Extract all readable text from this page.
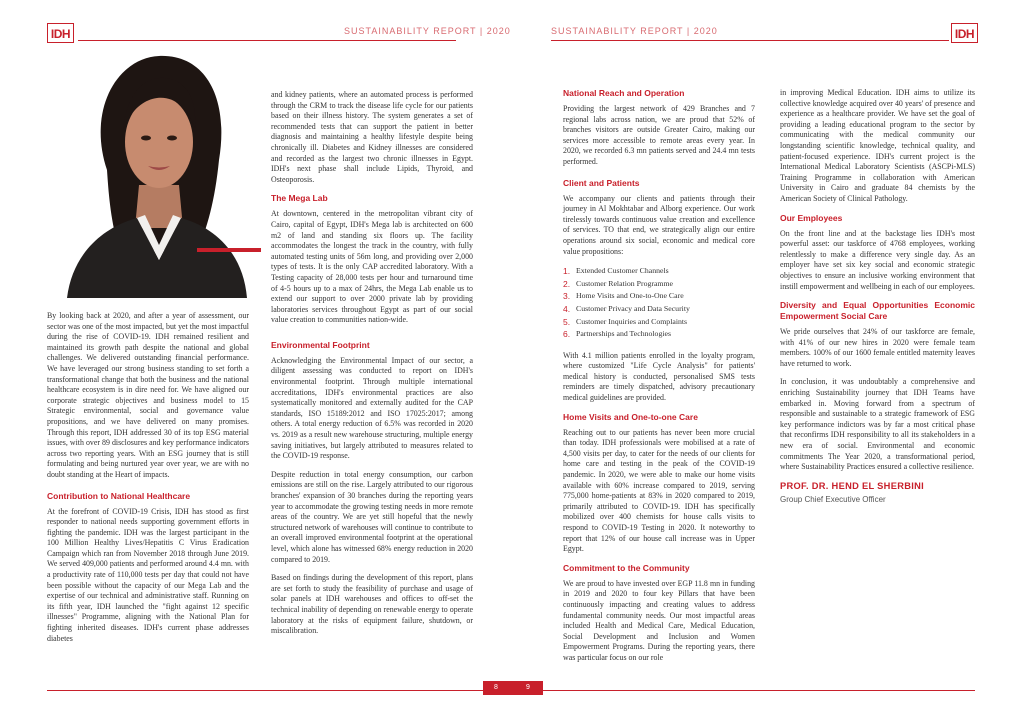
IDH	SUSTAINABILITY REPORT | 2020	SUSTAINABILITY REPORT | 2020	IDH

By looking back at 2020, and after a year of assessment, our sector was one of the most impacted, but yet the most impactful during the rise of COVID-19. IDH remained resilient and maintained its growth path despite the national and global challenges. We delivered outstanding financial performance. We have leveraged our strong business standing to set forth a transformational change that both the business and the national healthcare ecosystem is in dire need for. We have aligned our corporate strategic objectives and business model to 15 Strategic environmental, social and governance value propositions, and we have delivered on many promises. Through this report, IDH addressed 30 of its top ESG material issues, with over 89 disclosures and key performance indicators across two reporting years. With an ESG journey that is still formulating and being nurtured year over year, we are with no doubt standing at the Heart of impacts.

Contribution to National Healthcare

At the forefront of COVID-19 Crisis, IDH has stood as first responder to national needs supporting government efforts in fighting the pandemic. IDH was the largest participant in the 100 Million Healthy Lives/Hepatitis C Virus Eradication Campaign which ran from November 2018 through June 2019. We served 409,000 patients and performed around 4.4 mn. with a productivity rate of 110,000 tests per day that could not have been possible without the capacity of our Mega Lab and the expertise of our technical and administrative staff. Running on its fifth year, IDH launched the "fight against 12 specific illnesses" Programme, aligning with the National Plan for fighting inherited diseases. IDH's current phase addresses diabetes

and kidney patients, where an automated process is performed through the CRM to track the disease life cycle for our patients based on their illness history. The system generates a set of recommended tests that can support the patient in better diagnosis and maintaining a healthy lifestyle despite being chronically ill. Diabetes and Kidney illnesses are considered and recorded as the largest two chronic illnesses in Egypt. IDH's next phase shall include Lipids, Thyroid, and Osteoporosis.

The Mega Lab

At downtown, centered in the metropolitan vibrant city of Cairo, capital of Egypt, IDH's Mega lab is architected on 600 m2 of land and standing six floors up. The facility accommodates the longest the track in the country, with fully automated testing units of 56m long, and providing over 2,000 types of tests. It is the only CAP accredited laboratory. With a Testing capacity of 28,000 tests per hour and turnaround time of 4-5 hours up to a max of 24hrs, the Mega Lab enable us to extend our support to over 2000 private lab by providing laboratories services throughout Egypt as part of our social value creation to communities nation-wide.

Environmental Footprint

Acknowledging the Environmental Impact of our sector, a diligent assessing was conducted to report on IDH's environmental footprint. Through multiple international accreditations, IDH's environmental practices are also systematically monitored and externally audited for the CAP standards, ISO 15189:2012 and ISO 17025:2017; among others. A total energy reduction of 6.5% was recorded in 2020 vs. 2019 as a result new warehouse structuring, multiple energy saving initiatives, but largely attributed to measures related to the COVID-19 response.

Despite reduction in total energy consumption, our carbon emissions are still on the rise. Largely attributed to our rigorous branches' expansion of 30 branches during the reporting years year to accommodate the growing testing needs in more remote areas of the country. We are yet still hopeful that the newly structured network of warehouses will continue to contribute to an overall improved environmental footprint at the operational level, which alone has witnessed 68% energy reduction in 2020 compared to 2019.

Based on findings during the development of this report, plans are set forth to study the feasibility of purchase and usage of solar panels at IDH warehouses and offices to off-set the technical inability of depending on renewable energy to operate laboratory at the risks of equipment failure, shutdown, or miscalibration.

National Reach and Operation

Providing the largest network of 429 Branches and 7 regional labs across nation, we are proud that 52% of branches visitors are outside Greater Cairo, making our services more accessible to remote areas every year. In 2020, we recorded 6.3 mn patients served and 24.4 mn tests performed.

Client and Patients

We accompany our clients and patients through their journey in Al Mokhtabar and Alborg experience. Our work tirelessly towards continuous value creation and excellence of services. TO that end, we strategically align our entire operations around six social, economic and medical core value propositions:

1. Extended Customer Channels
2. Customer Relation Programme
3. Home Visits and One-to-One Care
4. Customer Privacy and Data Security
5. Customer Inquiries and Complaints
6. Partnerships and Technologies

With 4.1 million patients enrolled in the loyalty program, where customized "Life Cycle Analysis" for patients' medical history is conducted, personalised SMS tests reminders are timely dispatched, advisory precautionary medical guidelines are provided.

Home Visits and One-to-one Care

Reaching out to our patients has never been more crucial than today. IDH professionals were mobilised at a rate of 4,500 visits per day, to cater for the needs of our clients for home care and testing in the peak of the COVID-19 pandemic. In 2020, we were able to make our home visits available with 60% increase compared to 2019, serving 775,000 home-patients at 83% in 2020 compared to 2019, primarily attributed to COVID-19. IDH has specifically mobilized over 400 chemists for house calls visits to respond to COVID-19 Testing in 2020. It noteworthy to report that 12% of our house call increase was in Upper Egypt.

Commitment to the Community

We are proud to have invested over EGP 11.8 mn in funding in 2019 and 2020 to four key Pillars that have been continuously impacting and creating values to address fundamental community needs. Our most impactful areas included Health and Medical Care, Medical Education, Social Development and Inclusion and Women Empowerment Programs. During the reporting years, there was particular focus on our role

in improving Medical Education. IDH aims to utilize its collective knowledge acquired over 40 years' of presence and experience as a healthcare provider. We have set the goal of providing a leading educational program to the sector by communicating with the medical community our longstanding scientific knowledge, technical quality, and patient-focused experience. IDH's current project is the International Medical Laboratory Scientists (ASCPi-MLS) Training Programme in collaboration with American University in Cairo and graduate 84 chemists by the American Society of Clinical Pathology.

Our Employees

On the front line and at the backstage lies IDH's most powerful asset: our taskforce of 4768 employees, working relentlessly to make a difference very single day. As an employer have set six key social and economic strategic objectives to ensure an inclusive working environment that instill empowerment and wellbeing in each of our employees.

Diversity and Equal Opportunities Economic Empowerment Social Care

We pride ourselves that 24% of our taskforce are female, with 41% of our new hires in 2020 were female team members. 100% of our 1600 female entitled maternity leaves have returned to work.

In conclusion, it was undoubtably a comprehensive and enriching Sustainability journey that IDH Teams have embarked in. Moving forward from a spectrum of responsible and sustainable to a strategic framework of ESG key performance indictors was by far a most critical phase that reconfirms IDH responsibility to all its stakeholders in a new era of social. Environmental and economic commitments The Year 2020, a transformational period, where Sustainability Practices ensured a collective resilience.

PROF. DR. HEND EL SHERBINI
Group Chief Executive Officer
8	9
